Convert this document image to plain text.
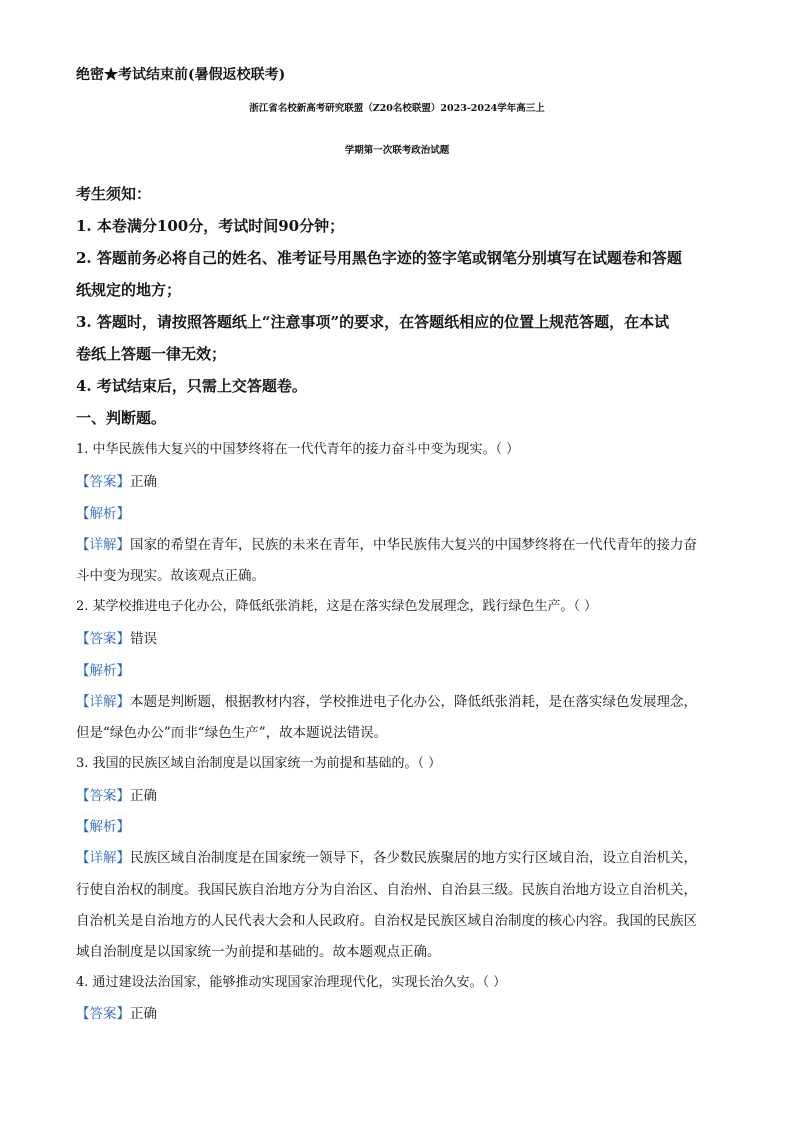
绝密★考试结束前(暑假返校联考)
浙江省名校新高考研究联盟（Z20名校联盟）2023-2024学年高三上
学期第一次联考政治试题
考生须知：
1. 本卷满分100分，考试时间90分钟；
2. 答题前务必将自己的姓名、准考证号用黑色字迹的签字笔或钢笔分别填写在试题卷和答题
纸规定的地方；
3. 答题时，请按照答题纸上“注意事项”的要求，在答题纸相应的位置上规范答题，在本试
卷纸上答题一律无效；
4. 考试结束后，只需上交答题卷。
一、判断题。
1. 中华民族伟大复兴的中国梦终将在一代代青年的接力奋斗中变为现实。（ ）
【答案】正确
【解析】
【详解】国家的希望在青年，民族的未来在青年，中华民族伟大复兴的中国梦终将在一代代青年的接力奋
斗中变为现实。故该观点正确。
2. 某学校推进电子化办公，降低纸张消耗，这是在落实绿色发展理念，践行绿色生产。（ ）
【答案】错误
【解析】
【详解】本题是判断题，根据教材内容，学校推进电子化办公，降低纸张消耗，是在落实绿色发展理念，
但是“绿色办公”而非“绿色生产”，故本题说法错误。
3. 我国的民族区域自治制度是以国家统一为前提和基础的。（ ）
【答案】正确
【解析】
【详解】民族区域自治制度是在国家统一领导下，各少数民族聚居的地方实行区域自治，设立自治机关，
行使自治权的制度。我国民族自治地方分为自治区、自治州、自治县三级。民族自治地方设立自治机关，
自治机关是自治地方的人民代表大会和人民政府。自治权是民族区域自治制度的核心内容。我国的民族区
域自治制度是以国家统一为前提和基础的。故本题观点正确。
4. 通过建设法治国家，能够推动实现国家治理现代化，实现长治久安。（ ）
【答案】正确
